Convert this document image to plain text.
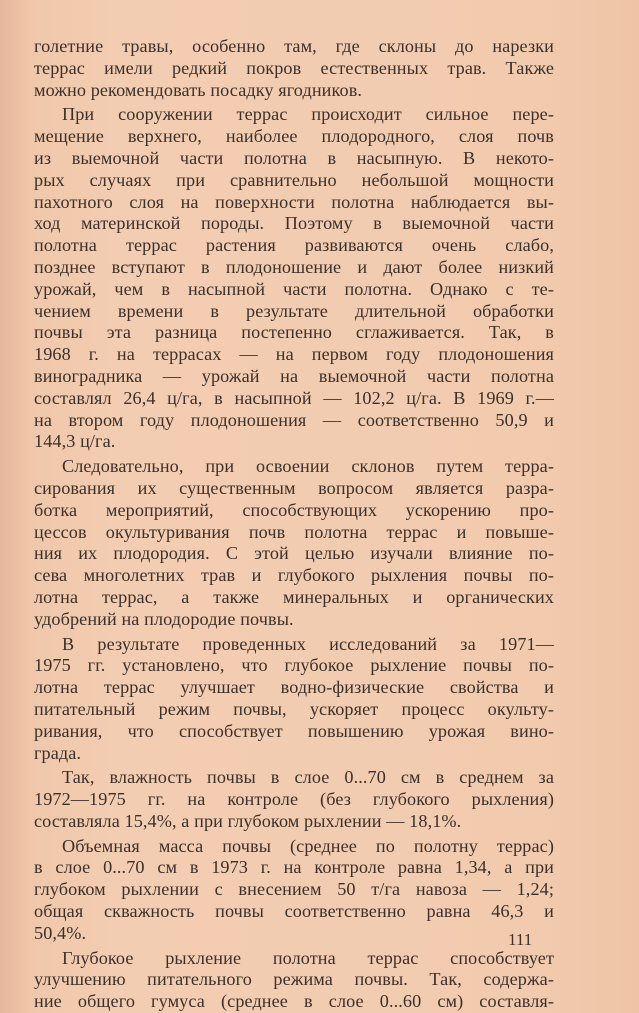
голетние травы, особенно там, где склоны до нарезки
террас имели редкий покров естественных трав. Также
можно рекомендовать посадку ягодников.
При сооружении террас происходит сильное пере-
мещение верхнего, наиболее плодородного, слоя почв
из выемочной части полотна в насыпную. В некото-
рых случаях при сравнительно небольшой мощности
пахотного слоя на поверхности полотна наблюдается вы-
ход материнской породы. Поэтому в выемочной части
полотна террас растения развиваются очень слабо,
позднее вступают в плодоношение и дают более низкий
урожай, чем в насыпной части полотна. Однако с те-
чением времени в результате длительной обработки
почвы эта разница постепенно сглаживается. Так, в
1968 г. на террасах — на первом году плодоношения
виноградника — урожай на выемочной части полотна
составлял 26,4 ц/га, в насыпной — 102,2 ц/га. В 1969 г.—
на втором году плодоношения — соответственно 50,9 и
144,3 ц/га.
Следовательно, при освоении склонов путем терра-
сирования их существенным вопросом является разра-
ботка мероприятий, способствующих ускорению про-
цессов окультуривания почв полотна террас и повыше-
ния их плодородия. С этой целью изучали влияние по-
сева многолетних трав и глубокого рыхления почвы по-
лотна террас, а также минеральных и органических
удобрений на плодородие почвы.
В результате проведенных исследований за 1971—
1975 гг. установлено, что глубокое рыхление почвы по-
лотна террас улучшает водно-физические свойства и
питательный режим почвы, ускоряет процесс окульту-
ривания, что способствует повышению урожая вино-
града.
Так, влажность почвы в слое 0...70 см в среднем за
1972—1975 гг. на контроле (без глубокого рыхления)
составляла 15,4%, а при глубоком рыхлении — 18,1%.
Объемная масса почвы (среднее по полотну террас)
в слое 0...70 см в 1973 г. на контроле равна 1,34, а при
глубоком рыхлении с внесением 50 т/га навоза — 1,24;
общая скважность почвы соответственно равна 46,3 и
50,4%.
Глубокое рыхление полотна террас способствует
улучшению питательного режима почвы. Так, содержа-
ние общего гумуса (среднее в слое 0...60 см) составля-
111
